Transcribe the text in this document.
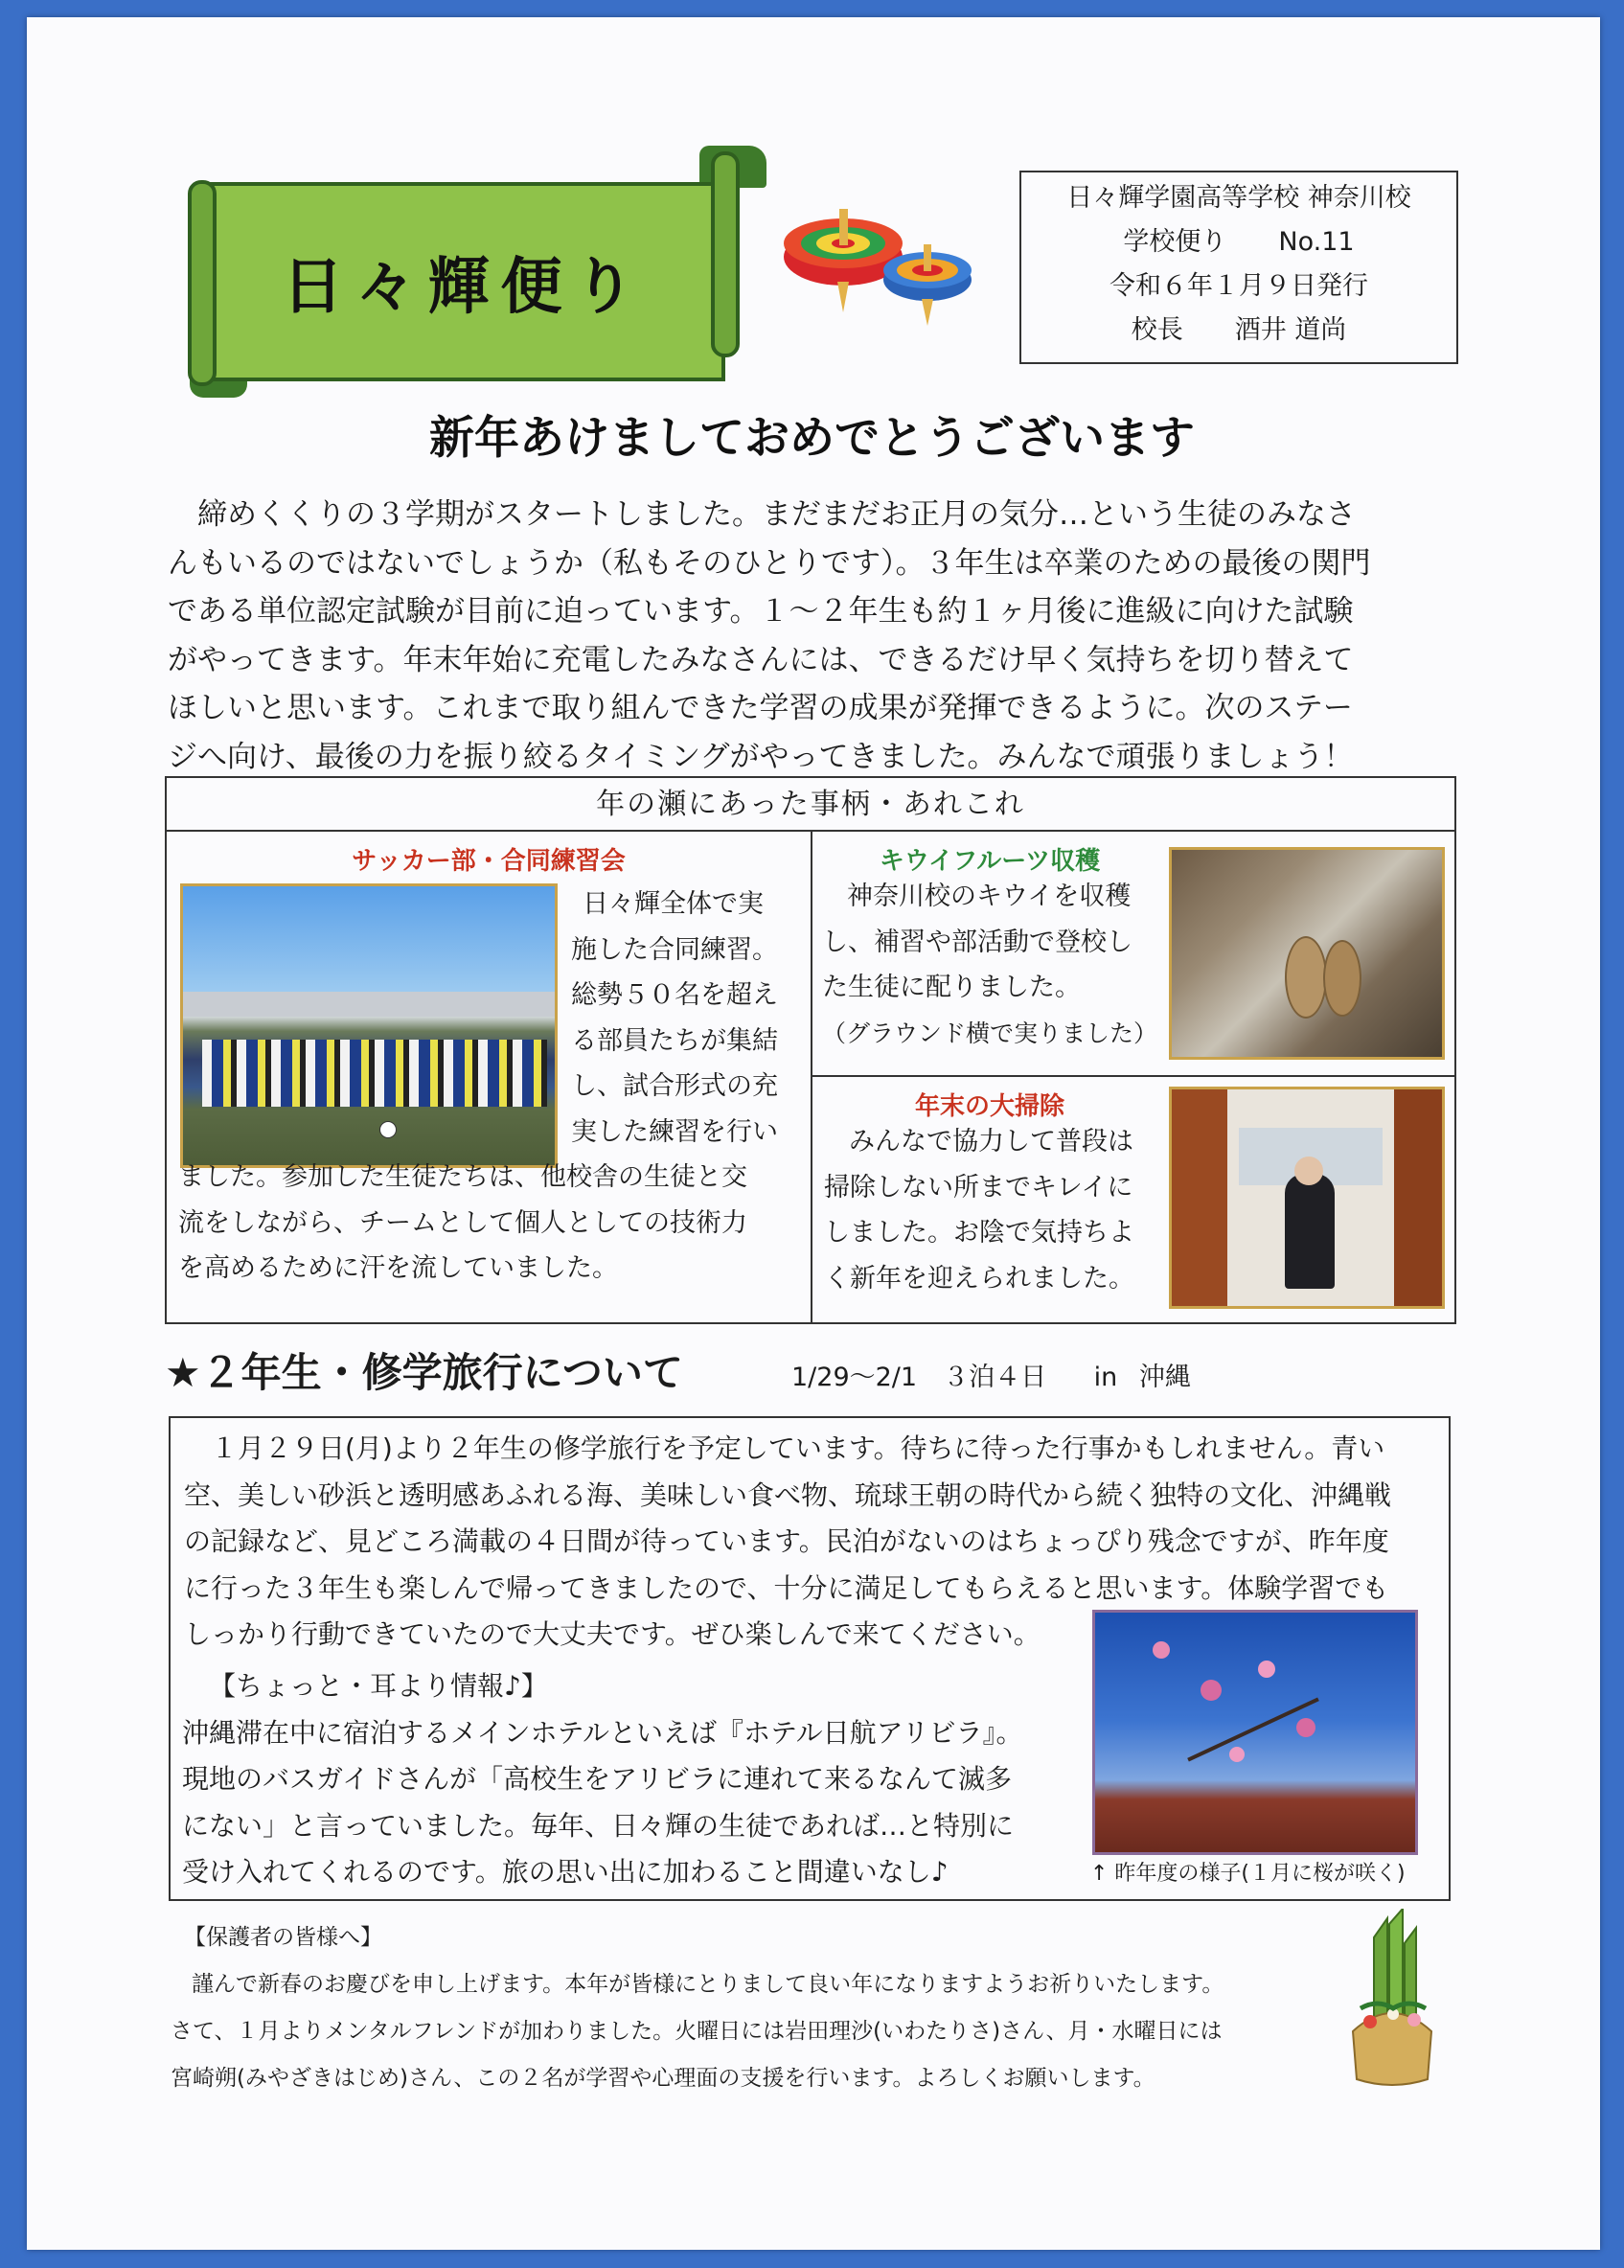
日々輝便り
日々輝学園高等学校 神奈川校
学校便り　　No.11
令和６年１月９日発行
校長　　酒井 道尚
新年あけましておめでとうございます
締めくくりの３学期がスタートしました。まだまだお正月の気分…という生徒のみなさ
んもいるのではないでしょうか（私もそのひとりです）。３年生は卒業のための最後の関門
である単位認定試験が目前に迫っています。１～２年生も約１ヶ月後に進級に向けた試験
がやってきます。年末年始に充電したみなさんには、できるだけ早く気持ちを切り替えて
ほしいと思います。これまで取り組んできた学習の成果が発揮できるように。次のステー
ジへ向け、最後の力を振り絞るタイミングがやってきました。みんなで頑張りましょう！
年の瀬にあった事柄・あれこれ
サッカー部・合同練習会
日々輝全体で実
施した合同練習。
総勢５０名を超え
る部員たちが集結
し、試合形式の充
実した練習を行い
ました。参加した生徒たちは、他校舎の生徒と交
流をしながら、チームとして個人としての技術力
を高めるために汗を流していました。
キウイフルーツ収穫
神奈川校のキウイを収穫
し、補習や部活動で登校し
た生徒に配りました。
（グラウンド横で実りました）
年末の大掃除
みんなで協力して普段は
掃除しない所までキレイに
しました。お陰で気持ちよ
く新年を迎えられました。
★２年生・修学旅行について	1/29〜2/1　３泊４日　 in 沖縄
１月２９日(月)より２年生の修学旅行を予定しています。待ちに待った行事かもしれません。青い
空、美しい砂浜と透明感あふれる海、美味しい食べ物、琉球王朝の時代から続く独特の文化、沖縄戦
の記録など、見どころ満載の４日間が待っています。民泊がないのはちょっぴり残念ですが、昨年度
に行った３年生も楽しんで帰ってきましたので、十分に満足してもらえると思います。体験学習でも
しっかり行動できていたので大丈夫です。ぜひ楽しんで来てください。
【ちょっと・耳より情報♪】
沖縄滞在中に宿泊するメインホテルといえば『ホテル日航アリビラ』。
現地のバスガイドさんが「高校生をアリビラに連れて来るなんて滅多
にない」と言っていました。毎年、日々輝の生徒であれば…と特別に
受け入れてくれるのです。旅の思い出に加わること間違いなし♪	↑ 昨年度の様子(１月に桜が咲く)
【保護者の皆様へ】
謹んで新春のお慶びを申し上げます。本年が皆様にとりまして良い年になりますようお祈りいたします。
さて、１月よりメンタルフレンドが加わりました。火曜日には岩田理沙(いわたりさ)さん、月・水曜日には
宮崎朔(みやざきはじめ)さん、この２名が学習や心理面の支援を行います。よろしくお願いします。
